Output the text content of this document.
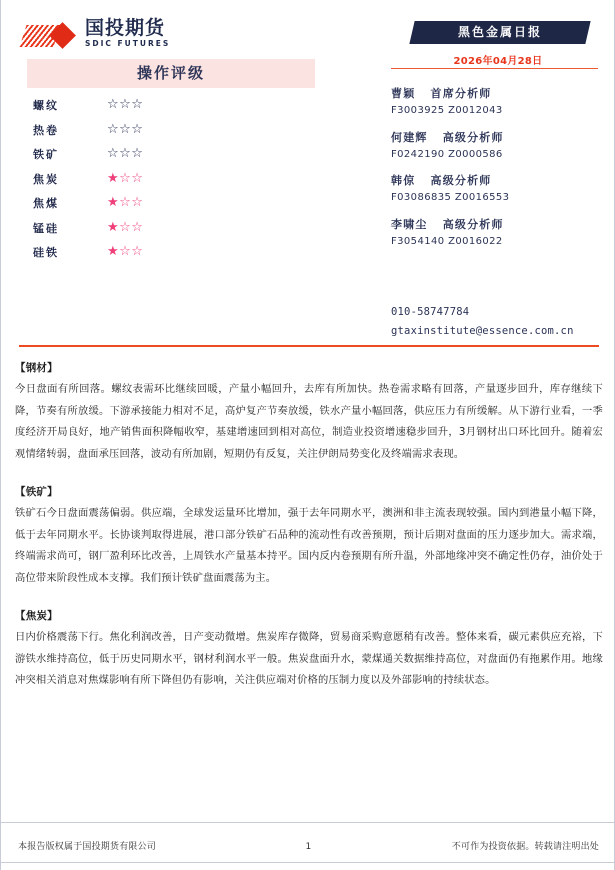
国投期货
SDIC FUTURES
操作评级
螺纹	☆☆☆
热卷	☆☆☆
铁矿	☆☆☆
焦炭	★☆☆
焦煤	★☆☆
锰硅	★☆☆
硅铁	★☆☆
黑色金属日报
2026年04月28日
曹颖 首席分析师
F3003925 Z0012043
何建辉 高级分析师
F0242190 Z0000586
韩倞 高级分析师
F03086835 Z0016553
李啸尘 高级分析师
F3054140 Z0016022
010-58747784
gtaxinstitute@essence.com.cn
【钢材】
今日盘面有所回落。螺纹表需环比继续回暖，产量小幅回升，去库有所加快。热卷需求略有回落，产量逐步回升，库存继续下降，节奏有所放缓。下游承接能力相对不足，高炉复产节奏放缓，铁水产量小幅回落，供应压力有所缓解。从下游行业看，一季度经济开局良好，地产销售面积降幅收窄，基建增速回到相对高位，制造业投资增速稳步回升，3月钢材出口环比回升。随着宏观情绪转弱，盘面承压回落，波动有所加剧，短期仍有反复，关注伊朗局势变化及终端需求表现。
【铁矿】
铁矿石今日盘面震荡偏弱。供应端，全球发运量环比增加，强于去年同期水平，澳洲和非主流表现较强。国内到港量小幅下降，低于去年同期水平。长协谈判取得进展，港口部分铁矿石品种的流动性有改善预期，预计后期对盘面的压力逐步加大。需求端，终端需求尚可，钢厂盈利环比改善，上周铁水产量基本持平。国内反内卷预期有所升温，外部地缘冲突不确定性仍存，油价处于高位带来阶段性成本支撑。我们预计铁矿盘面震荡为主。
【焦炭】
日内价格震荡下行。焦化利润改善，日产变动微增。焦炭库存微降，贸易商采购意愿稍有改善。整体来看，碳元素供应充裕，下游铁水维持高位，低于历史同期水平，钢材利润水平一般。焦炭盘面升水，蒙煤通关数据维持高位，对盘面仍有拖累作用。地缘冲突相关消息对焦煤影响有所下降但仍有影响，关注供应端对价格的压制力度以及外部影响的持续状态。
本报告版权属于国投期货有限公司	1	不可作为投资依据。转载请注明出处
